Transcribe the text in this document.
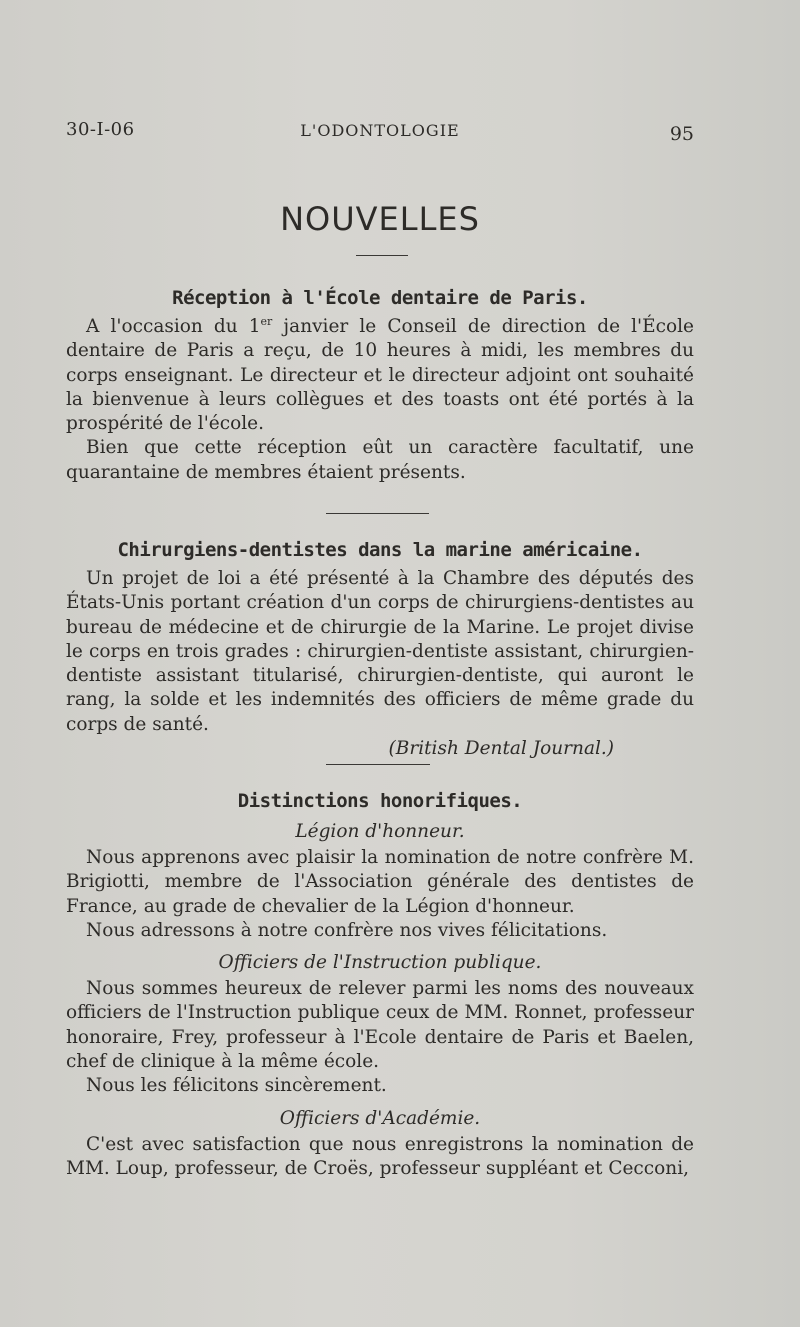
30-I-06	L'ODONTOLOGIE	95
NOUVELLES
Réception à l'École dentaire de Paris.

A l'occasion du 1er janvier le Conseil de direction de l'École dentaire de Paris a reçu, de 10 heures à midi, les membres du corps enseignant. Le directeur et le directeur adjoint ont souhaité la bienvenue à leurs collègues et des toasts ont été portés à la prospérité de l'école.

Bien que cette réception eût un caractère facultatif, une quarantaine de membres étaient présents.

Chirurgiens-dentistes dans la marine américaine.

Un projet de loi a été présenté à la Chambre des députés des États-Unis portant création d'un corps de chirurgiens-dentistes au bureau de médecine et de chirurgie de la Marine. Le projet divise le corps en trois grades : chirurgien-dentiste assistant, chirurgien-dentiste assistant titularisé, chirurgien-dentiste, qui auront le rang, la solde et les indemnités des officiers de même grade du corps de santé.

(British Dental Journal.)
Distinctions honorifiques.
Légion d'honneur.

Nous apprenons avec plaisir la nomination de notre confrère M. Brigiotti, membre de l'Association générale des dentistes de France, au grade de chevalier de la Légion d'honneur.

Nous adressons à notre confrère nos vives félicitations.

Officiers de l'Instruction publique.

Nous sommes heureux de relever parmi les noms des nouveaux officiers de l'Instruction publique ceux de MM. Ronnet, professeur honoraire, Frey, professeur à l'Ecole dentaire de Paris et Baelen, chef de clinique à la même école.

Nous les félicitons sincèrement.

Officiers d'Académie.

C'est avec satisfaction que nous enregistrons la nomination de MM. Loup, professeur, de Croës, professeur suppléant et Cecconi,
